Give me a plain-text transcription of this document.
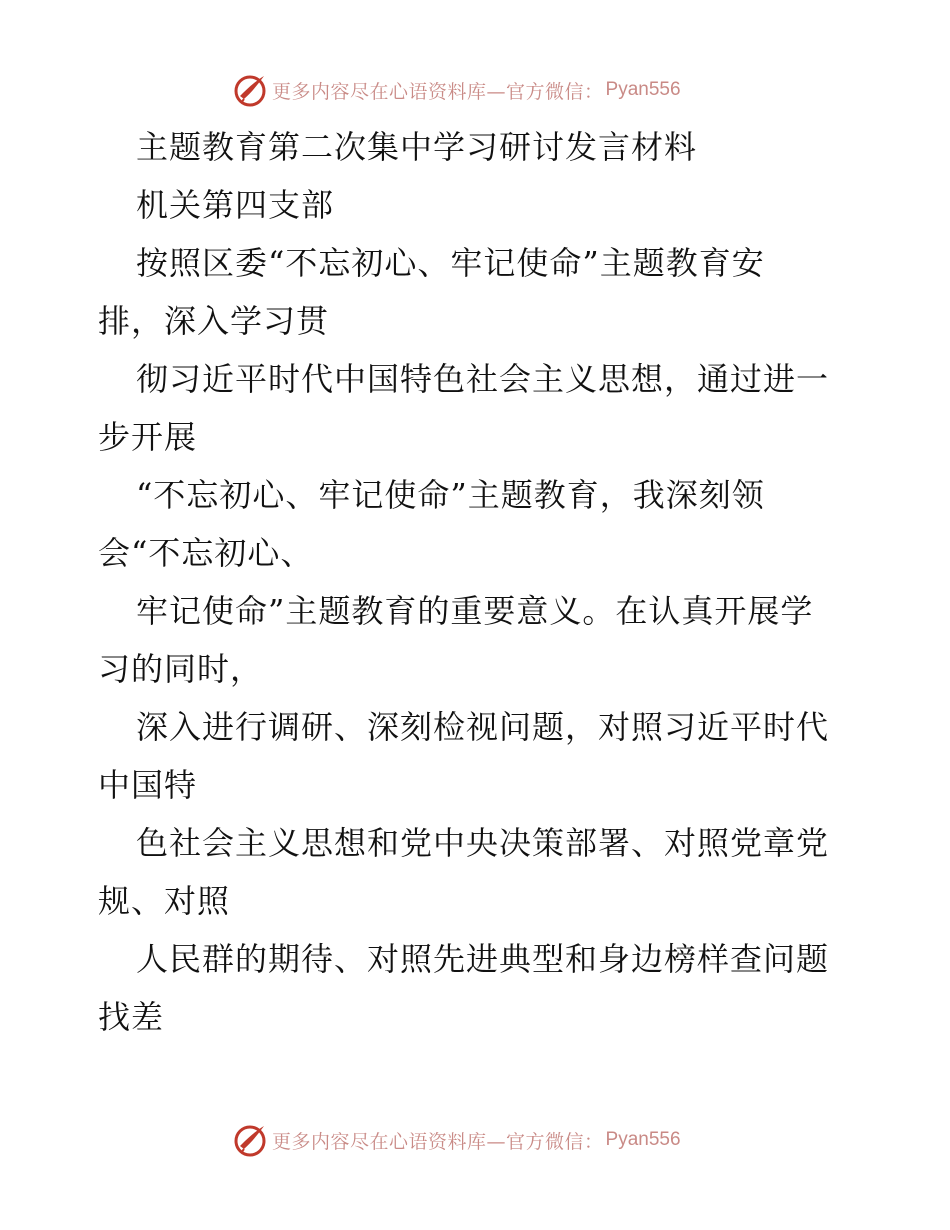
更多内容尽在心语资料库—官方微信： Pyan556
主题教育第二次集中学习研讨发言材料
机关第四支部
按照区委“不忘初心、牢记使命”主题教育安
排，深入学习贯
彻习近平时代中国特色社会主义思想，通过进一
步开展
“不忘初心、牢记使命”主题教育，我深刻领
会“不忘初心、
牢记使命”主题教育的重要意义。在认真开展学
习的同时，
深入进行调研、深刻检视问题，对照习近平时代
中国特
色社会主义思想和党中央决策部署、对照党章党
规、对照
人民群的期待、对照先进典型和身边榜样查问题
找差
更多内容尽在心语资料库—官方微信： Pyan556
